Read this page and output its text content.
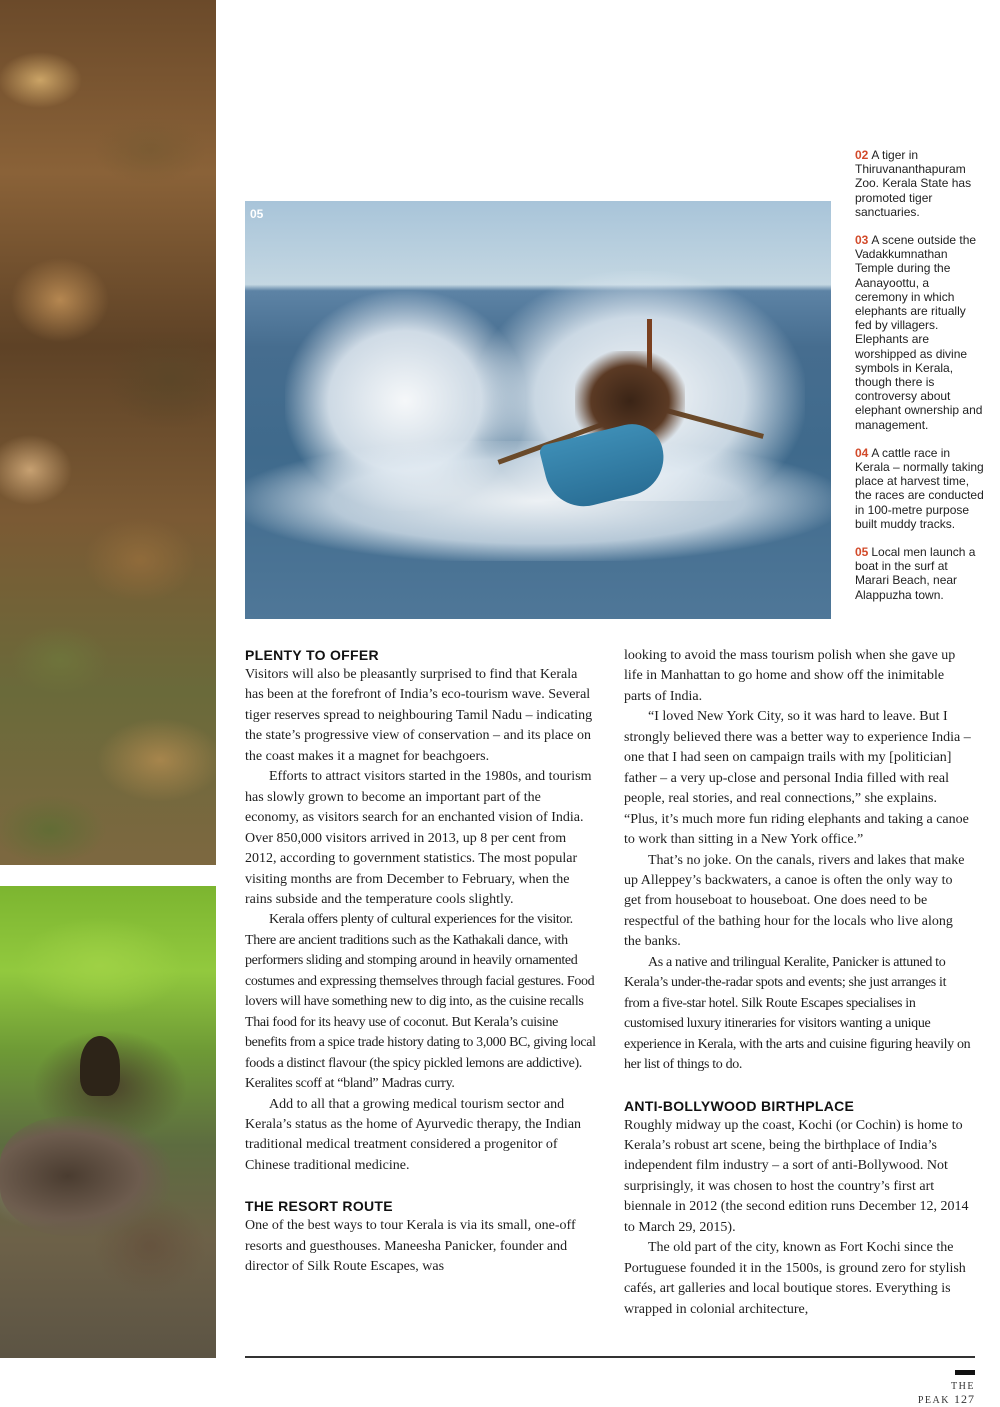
05
02 A tiger in Thiruvananthapuram Zoo. Kerala State has promoted tiger sanctuaries.
03 A scene outside the Vadakkumnathan Temple during the Aanayoottu, a ceremony in which elephants are ritually fed by villagers. Elephants are worshipped as divine symbols in Kerala, though there is controversy about elephant ownership and management.
04 A cattle race in Kerala – normally taking place at harvest time, the races are conducted in 100-metre purpose built muddy tracks.
05 Local men launch a boat in the surf at Marari Beach, near Alappuzha town.
PLENTY TO OFFER

Visitors will also be pleasantly surprised to find that Kerala has been at the forefront of India’s eco-tourism wave. Several tiger reserves spread to neighbouring Tamil Nadu – indicating the state’s progressive view of conservation – and its place on the coast makes it a magnet for beachgoers.

Efforts to attract visitors started in the 1980s, and tourism has slowly grown to become an important part of the economy, as visitors search for an enchanted vision of India. Over 850,000 visitors arrived in 2013, up 8 per cent from 2012, according to government statistics. The most popular visiting months are from December to February, when the rains subside and the temperature cools slightly.

Kerala offers plenty of cultural experiences for the visitor. There are ancient traditions such as the Kathakali dance, with performers sliding and stomping around in heavily ornamented costumes and expressing themselves through facial gestures. Food lovers will have something new to dig into, as the cuisine recalls Thai food for its heavy use of coconut. But Kerala’s cuisine benefits from a spice trade history dating to 3,000 BC, giving local foods a distinct flavour (the spicy pickled lemons are addictive). Keralites scoff at “bland” Madras curry.

Add to all that a growing medical tourism sector and Kerala’s status as the home of Ayurvedic therapy, the Indian traditional medical treatment considered a progenitor of Chinese traditional medicine.

THE RESORT ROUTE

One of the best ways to tour Kerala is via its small, one-off resorts and guesthouses. Maneesha Panicker, founder and director of Silk Route Escapes, was

looking to avoid the mass tourism polish when she gave up life in Manhattan to go home and show off the inimitable parts of India.

“I loved New York City, so it was hard to leave. But I strongly believed there was a better way to experience India – one that I had seen on campaign trails with my [politician] father – a very up-close and personal India filled with real people, real stories, and real connections,” she explains. “Plus, it’s much more fun riding elephants and taking a canoe to work than sitting in a New York office.”

That’s no joke. On the canals, rivers and lakes that make up Alleppey’s backwaters, a canoe is often the only way to get from houseboat to houseboat. One does need to be respectful of the bathing hour for the locals who live along the banks.

As a native and trilingual Keralite, Panicker is attuned to Kerala’s under-the-radar spots and events; she just arranges it from a five-star hotel. Silk Route Escapes specialises in customised luxury itineraries for visitors wanting a unique experience in Kerala, with the arts and cuisine figuring heavily on her list of things to do.

ANTI-BOLLYWOOD BIRTHPLACE

Roughly midway up the coast, Kochi (or Cochin) is home to Kerala’s robust art scene, being the birthplace of India’s independent film industry – a sort of anti-Bollywood. Not surprisingly, it was chosen to host the country’s first art biennale in 2012 (the second edition runs December 12, 2014 to March 29, 2015).

The old part of the city, known as Fort Kochi since the Portuguese founded it in the 1500s, is ground zero for stylish cafés, art galleries and local boutique stores. Everything is wrapped in colonial architecture,

THE PEAK 127
